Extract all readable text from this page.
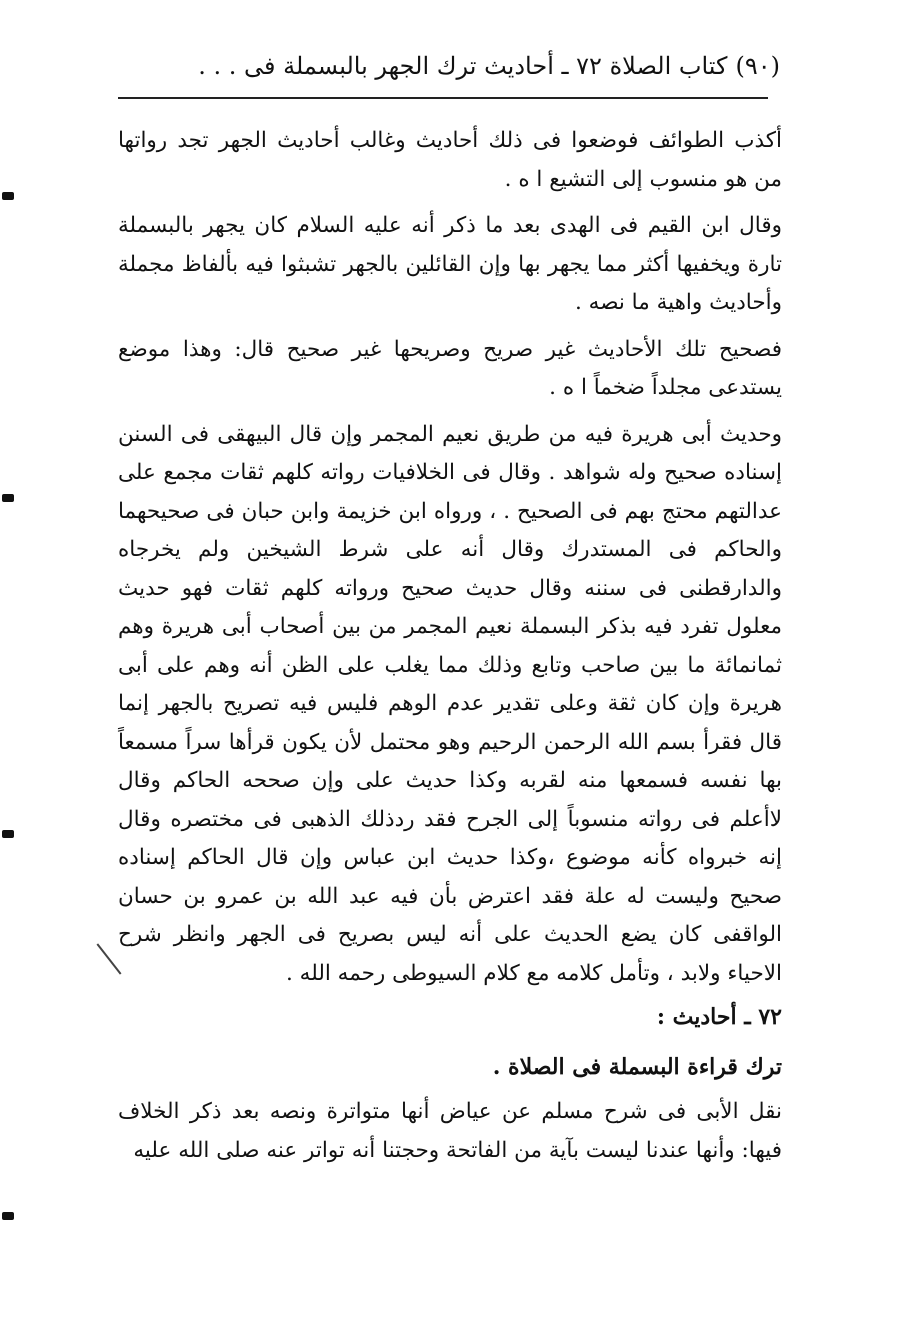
(٩٠)
كتاب الصلاة ٧٢ ـ أحاديث ترك الجهر بالبسملة فى . . .

أكذب الطوائف فوضعوا فى ذلك أحاديث وغالب أحاديث الجهر تجد رواتها من هو منسوب إلى التشيع ا ه .

وقال ابن القيم فى الهدى بعد ما ذكر أنه عليه السلام كان يجهر بالبسملة تارة ويخفيها أكثر مما يجهر بها وإن القائلين بالجهر تشبثوا فيه بألفاظ مجملة وأحاديث واهية ما نصه .

فصحيح تلك الأحاديث غير صريح وصريحها غير صحيح قال: وهذا موضع يستدعى مجلداً ضخماً ا ه .

وحديث أبى هريرة فيه من طريق نعيم المجمر وإن قال البيهقى فى السنن إسناده صحيح وله شواهد . وقال فى الخلافيات رواته كلهم ثقات مجمع على عدالتهم محتج بهم فى الصحيح . ، ورواه ابن خزيمة وابن حبان فى صحيحهما والحاكم فى المستدرك وقال أنه على شرط الشيخين ولم يخرجاه والدارقطنى فى سننه وقال حديث صحيح ورواته كلهم ثقات فهو حديث معلول تفرد فيه بذكر البسملة نعيم المجمر من بين أصحاب أبى هريرة وهم ثمانمائة ما بين صاحب وتابع وذلك مما يغلب على الظن أنه وهم على أبى هريرة وإن كان ثقة وعلى تقدير عدم الوهم فليس فيه تصريح بالجهر إنما قال فقرأ بسم الله الرحمن الرحيم وهو محتمل لأن يكون قرأها سراً مسمعاً بها نفسه فسمعها منه لقربه وكذا حديث على وإن صححه الحاكم وقال لاأعلم فى رواته منسوباً إلى الجرح فقد ردذلك الذهبى فى مختصره وقال إنه خبرواه كأنه موضوع ،وكذا حديث ابن عباس وإن قال الحاكم إسناده صحيح وليست له علة فقد اعترض بأن فيه عبد الله بن عمرو بن حسان الواقفى كان يضع الحديث على أنه ليس بصريح فى الجهر وانظر شرح الاحياء ولابد ، وتأمل كلامه مع كلام السيوطى رحمه الله .

٧٢ ـ أحاديث :

ترك قراءة البسملة فى الصلاة .

نقل الأبى فى شرح مسلم عن عياض أنها متواترة ونصه بعد ذكر الخلاف فيها: وأنها عندنا ليست بآية من الفاتحة وحجتنا أنه تواتر عنه صلى الله عليه
